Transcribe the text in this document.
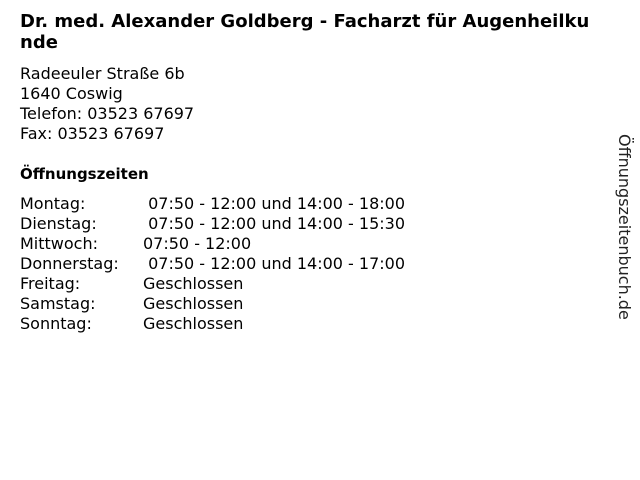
Dr. med. Alexander Goldberg - Facharzt für Augenheilkunde
Radeeuler Straße 6b
1640 Coswig
Telefon: 03523 67697
Fax: 03523 67697
Öffnungszeiten
Montag:	07:50 - 12:00 und 14:00 - 18:00
Dienstag:	07:50 - 12:00 und 14:00 - 15:30
Mittwoch:	07:50 - 12:00
Donnerstag:	07:50 - 12:00 und 14:00 - 17:00
Freitag:	Geschlossen
Samstag:	Geschlossen
Sonntag:	Geschlossen
Öffnungszeitenbuch.de
